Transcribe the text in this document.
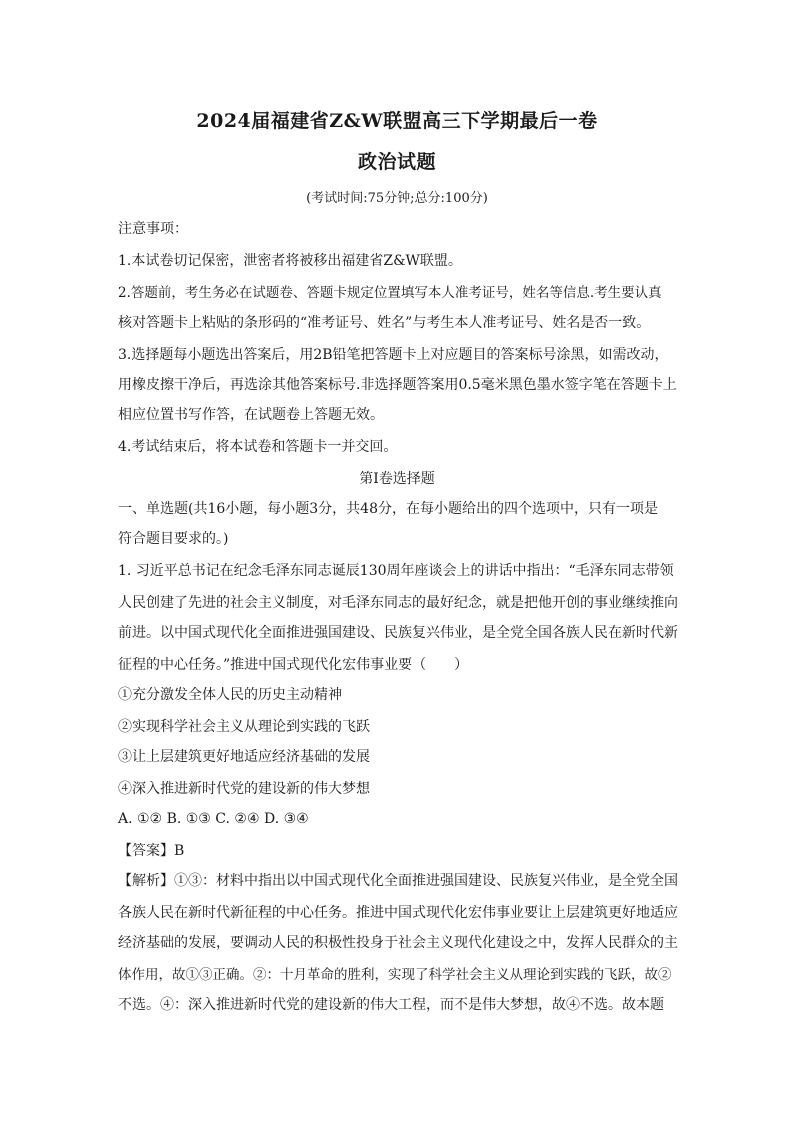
2024届福建省Z&W联盟高三下学期最后一卷
政治试题
(考试时间:75分钟;总分:100分)
注意事项：
1.本试卷切记保密，泄密者将被移出福建省Z&W联盟。
2.答题前，考生务必在试题卷、答题卡规定位置填写本人准考证号，姓名等信息.考生要认真
核对答题卡上粘贴的条形码的“准考证号、姓名”与考生本人准考证号、姓名是否一致。
3.选择题每小题选出答案后，用2B铅笔把答题卡上对应题目的答案标号涂黑，如需改动，
用橡皮擦干净后，再选涂其他答案标号.非选择题答案用0.5毫米黑色墨水签字笔在答题卡上
相应位置书写作答，在试题卷上答题无效。
4.考试结束后，将本试卷和答题卡一并交回。
第Ⅰ卷选择题
一、单选题(共16小题，每小题3分，共48分，在每小题给出的四个选项中，只有一项是
符合题目要求的。)
1. 习近平总书记在纪念毛泽东同志诞辰130周年座谈会上的讲话中指出：“毛泽东同志带领
人民创建了先进的社会主义制度，对毛泽东同志的最好纪念，就是把他开创的事业继续推向
前进。以中国式现代化全面推进强国建设、民族复兴伟业，是全党全国各族人民在新时代新
征程的中心任务。”推进中国式现代化宏伟事业要（　　）
①充分激发全体人民的历史主动精神
②实现科学社会主义从理论到实践的飞跃
③让上层建筑更好地适应经济基础的发展
④深入推进新时代党的建设新的伟大梦想
A. ①② B. ①③ C. ②④ D. ③④
【答案】B
【解析】①③：材料中指出以中国式现代化全面推进强国建设、民族复兴伟业，是全党全国
各族人民在新时代新征程的中心任务。推进中国式现代化宏伟事业要让上层建筑更好地适应
经济基础的发展，要调动人民的积极性投身于社会主义现代化建设之中，发挥人民群众的主
体作用，故①③正确。②：十月革命的胜利，实现了科学社会主义从理论到实践的飞跃，故②
不选。④：深入推进新时代党的建设新的伟大工程，而不是伟大梦想，故④不选。故本题
